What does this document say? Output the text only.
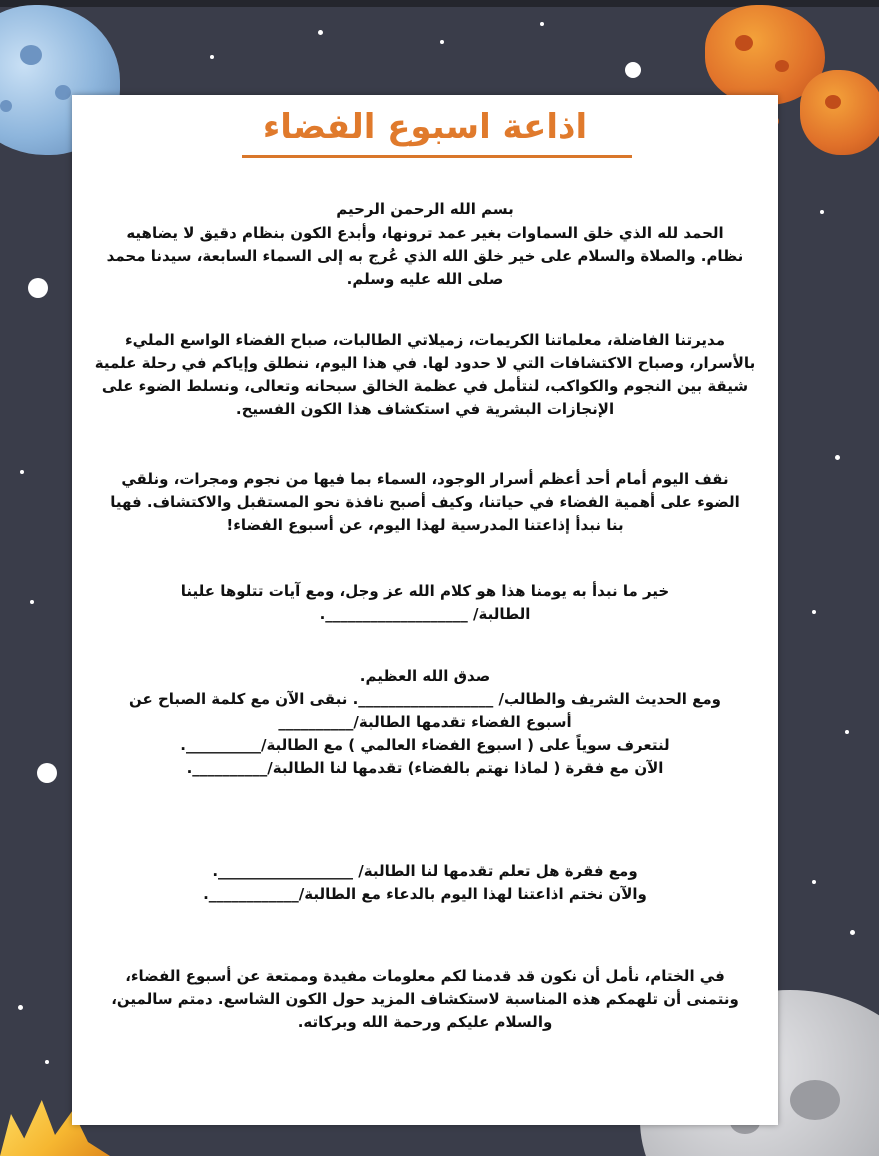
اذاعة اسبوع الفضاء
بسم الله الرحمن الرحيم
الحمد لله الذي خلق السماوات بغير عمد ترونها، وأبدع الكون بنظام دقيق لا يضاهيه
نظام. والصلاة والسلام على خير خلق الله الذي عُرج به إلى السماء السابعة، سيدنا محمد
صلى الله عليه وسلم.
مديرتنا الفاضلة، معلماتنا الكريمات، زميلاتي الطالبات، صباح الفضاء الواسع المليء
بالأسرار، وصباح الاكتشافات التي لا حدود لها. في هذا اليوم، ننطلق وإياكم في رحلة علمية
شيقة بين النجوم والكواكب، لنتأمل في عظمة الخالق سبحانه وتعالى، ونسلط الضوء على
الإنجازات البشرية في استكشاف هذا الكون الفسيح.
نقف اليوم أمام أحد أعظم أسرار الوجود، السماء بما فيها من نجوم ومجرات، ونلقي
الضوء على أهمية الفضاء في حياتنا، وكيف أصبح نافذة نحو المستقبل والاكتشاف. فهيا
بنا نبدأ إذاعتنا المدرسية لهذا اليوم، عن أسبوع الفضاء!
خير ما نبدأ به يومنا هذا هو كلام الله عز وجل، ومع آيات تتلوها علينا
الطالبة/ ___________________.
صدق الله العظيم.
ومع الحديث الشريف والطالب/ __________________. نبقى الآن مع كلمة الصباح عن
أسبوع الفضاء تقدمها الطالبة/__________
لنتعرف سوياً على ( اسبوع الفضاء العالمي ) مع الطالبة/__________.
الآن مع فقرة ( لماذا نهتم بالفضاء) تقدمها لنا الطالبة/__________.
ومع فقرة هل تعلم تقدمها لنا الطالبة/ __________________.
والآن نختم اذاعتنا لهذا اليوم بالدعاء مع الطالبة/____________.
في الختام، نأمل أن نكون قد قدمنا لكم معلومات مفيدة وممتعة عن أسبوع الفضاء،
ونتمنى أن تلهمكم هذه المناسبة لاستكشاف المزيد حول الكون الشاسع. دمتم سالمين،
والسلام عليكم ورحمة الله وبركاته.
